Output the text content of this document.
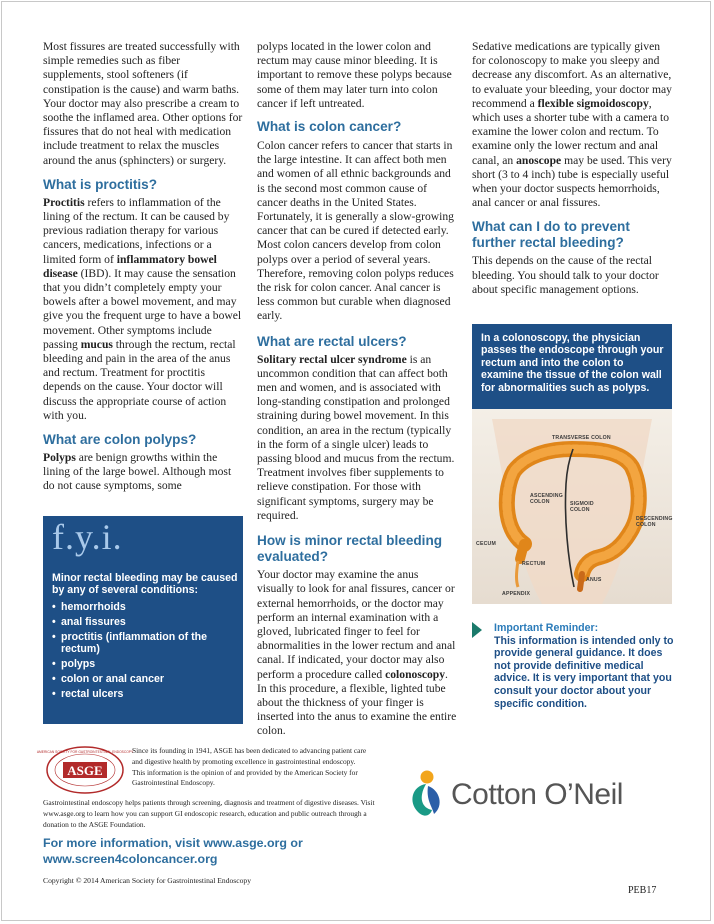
Most fissures are treated successfully with simple remedies such as fiber supplements, stool softeners (if constipation is the cause) and warm baths. Your doctor may also prescribe a cream to soothe the inflamed area. Other options for fissures that do not heal with medication include treatment to relax the muscles around the anus (sphincters) or surgery.

What is proctitis?

Proctitis refers to inflammation of the lining of the rectum. It can be caused by previous radiation therapy for various cancers, medications, infections or a limited form of inflammatory bowel disease (IBD). It may cause the sensation that you didn’t completely empty your bowels after a bowel movement, and may give you the frequent urge to have a bowel movement. Other symptoms include passing mucus through the rectum, rectal bleeding and pain in the area of the anus and rectum. Treatment for proctitis depends on the cause. Your doctor will discuss the appropriate course of action with you.

What are colon polyps?

Polyps are benign growths within the lining of the large bowel. Although most do not cause symptoms, some

f.y.i.
Minor rectal bleeding may be caused by any of several conditions:
• hemorrhoids
• anal fissures
• proctitis (inflammation of the rectum)
• polyps
• colon or anal cancer
• rectal ulcers

polyps located in the lower colon and rectum may cause minor bleeding. It is important to remove these polyps because some of them may later turn into colon cancer if left untreated.

What is colon cancer?

Colon cancer refers to cancer that starts in the large intestine. It can affect both men and women of all ethnic backgrounds and is the second most common cause of cancer deaths in the United States. Fortunately, it is generally a slow-growing cancer that can be cured if detected early. Most colon cancers develop from colon polyps over a period of several years. Therefore, removing colon polyps reduces the risk for colon cancer. Anal cancer is less common but curable when diagnosed early.

What are rectal ulcers?

Solitary rectal ulcer syndrome is an uncommon condition that can affect both men and women, and is associated with long-standing constipation and prolonged straining during bowel movement. In this condition, an area in the rectum (typically in the form of a single ulcer) leads to passing blood and mucus from the rectum. Treatment involves fiber supplements to relieve constipation. For those with significant symptoms, surgery may be required.

How is minor rectal bleeding evaluated?

Your doctor may examine the anus visually to look for anal fissures, cancer or external hemorrhoids, or the doctor may perform an internal examination with a gloved, lubricated finger to feel for abnormalities in the lower rectum and anal canal. If indicated, your doctor may also perform a procedure called colonoscopy. In this procedure, a flexible, lighted tube about the thickness of your finger is inserted into the anus to examine the entire colon.

Sedative medications are typically given for colonoscopy to make you sleepy and decrease any discomfort. As an alternative, to evaluate your bleeding, your doctor may recommend a flexible sigmoidoscopy, which uses a shorter tube with a camera to examine the lower colon and rectum. To examine only the lower rectum and anal canal, an anoscope may be used. This very short (3 to 4 inch) tube is especially useful when your doctor suspects hemorrhoids, anal cancer or anal fissures.

What can I do to prevent further rectal bleeding?

This depends on the cause of the rectal bleeding. You should talk to your doctor about specific management options.

In a colonoscopy, the physician passes the endoscope through your rectum and into the colon to examine the tissue of the colon wall for abnormalities such as polyps.
TRANSVERSE COLON
ASCENDING COLON	SIGMOID COLON
DESCENDING COLON
CECUM
RECTUM
ANUS
APPENDIX
Important Reminder:
This information is intended only to provide general guidance. It does not provide definitive medical advice. It is very important that you consult your doctor about your specific condition.
ASGE
AMERICAN SOCIETY FOR GASTROINTESTINAL ENDOSCOPY
Since its founding in 1941, ASGE has been dedicated to advancing patient care and digestive health by promoting excellence in gastrointestinal endoscopy. This information is the opinion of and provided by the American Society for Gastrointestinal Endoscopy.
Gastrointestinal endoscopy helps patients through screening, diagnosis and treatment of digestive diseases. Visit www.asge.org to learn how you can support GI endoscopic research, education and public outreach through a donation to the ASGE Foundation.
For more information, visit www.asge.org or
www.screen4coloncancer.org
Copyright © 2014 American Society for Gastrointestinal Endoscopy
Cotton O’Neil
PEB17
